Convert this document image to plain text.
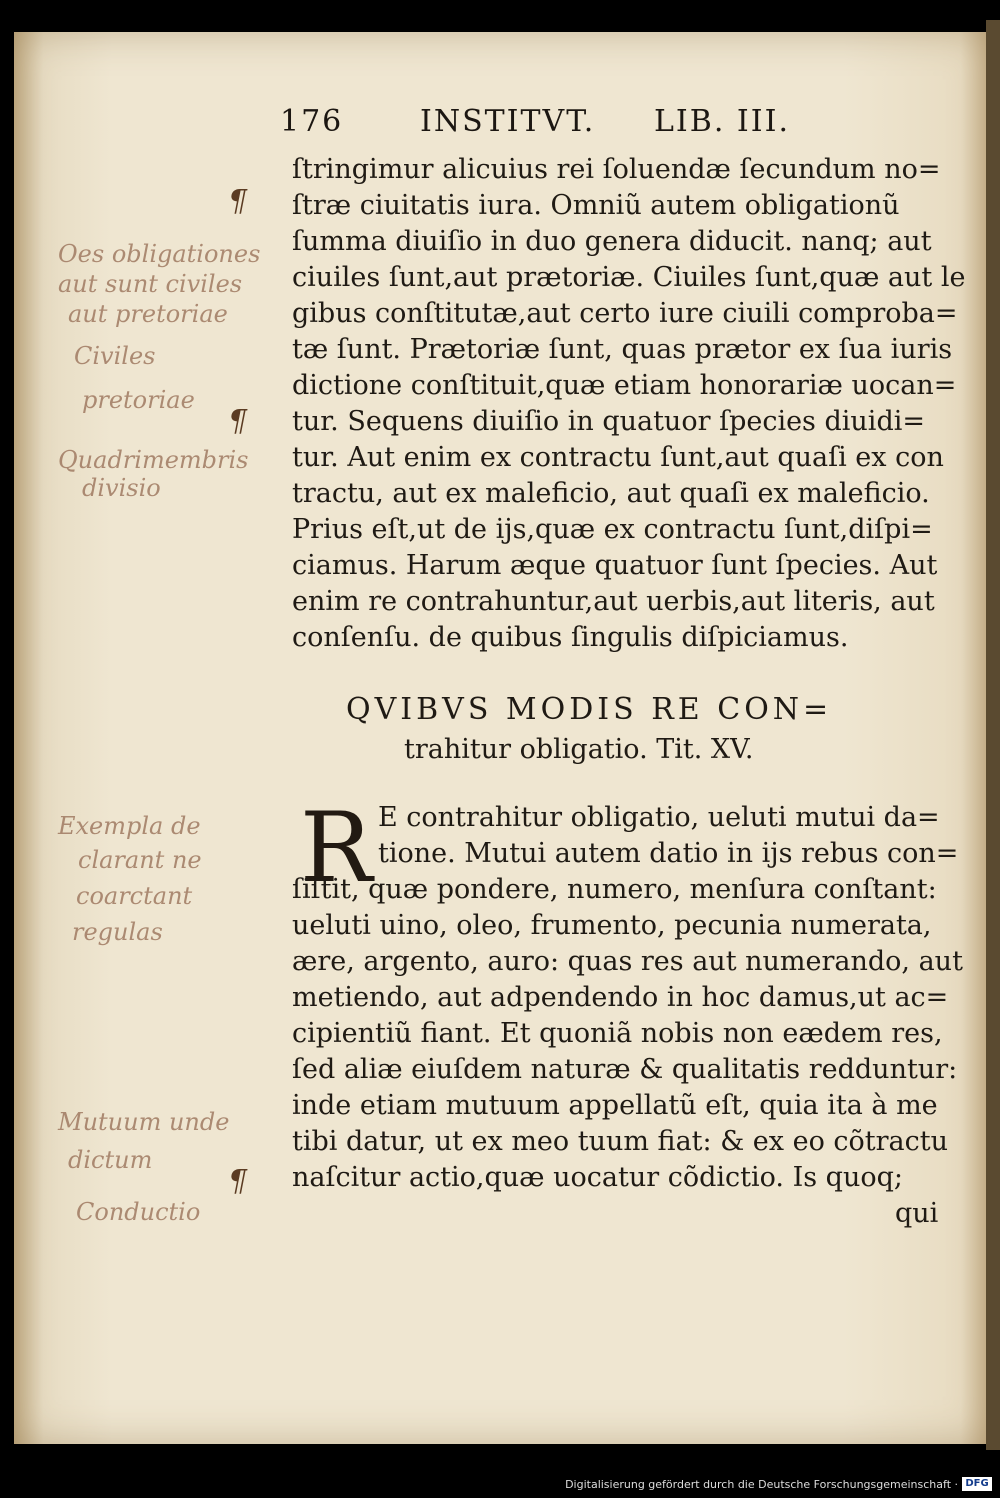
176	INSTITVT. LIB. III.
ſtringimur alicuius rei ſoluendæ ſecundum no=
ſtræ ciuitatis iura. Omniũ autem obligationũ
ſumma diuiſio in duo genera diducit. nanq; aut
ciuiles ſunt,aut prætoriæ. Ciuiles ſunt,quæ aut le
gibus conſtitutæ,aut certo iure ciuili comproba=
tæ ſunt. Prætoriæ ſunt, quas prætor ex ſua iuris
dictione conſtituit,quæ etiam honorariæ uocan=
tur. Sequens diuiſio in quatuor ſpecies diuidi=
tur. Aut enim ex contractu ſunt,aut quaſi ex con
tractu, aut ex maleficio, aut quaſi ex maleficio.
Prius eſt,ut de ijs,quæ ex contractu ſunt,diſpi=
ciamus. Harum æque quatuor ſunt ſpecies. Aut
enim re contrahuntur,aut uerbis,aut literis, aut
conſenſu. de quibus ſingulis diſpiciamus.
QVIBVS MODIS RE CON=
trahitur obligatio. Tit. XV.
R E contrahitur obligatio, ueluti mutui da=
tione. Mutui autem datio in ijs rebus con=
ſiſtit, quæ pondere, numero, menſura conſtant:
ueluti uino, oleo, frumento, pecunia numerata,
ære, argento, auro: quas res aut numerando, aut
metiendo, aut adpendendo in hoc damus,ut ac=
cipientiũ fiant. Et quoniã nobis non eædem res,
ſed aliæ eiuſdem naturæ & qualitatis redduntur:
inde etiam mutuum appellatũ eſt, quia ita à me
tibi datur, ut ex meo tuum fiat: & ex eo cõtractu
naſcitur actio,quæ uocatur cõdictio. Is quoq;
qui
Oes obligationes
aut sunt civiles
aut pretoriae
Civiles
pretoriae
Quadrimembris
divisio
Exempla de
clarant ne
coarctant
regulas
Mutuum unde
dictum
Conductio
¶
¶
¶
Digitalisierung gefördert durch die Deutsche Forschungsgemeinschaft · DFG
